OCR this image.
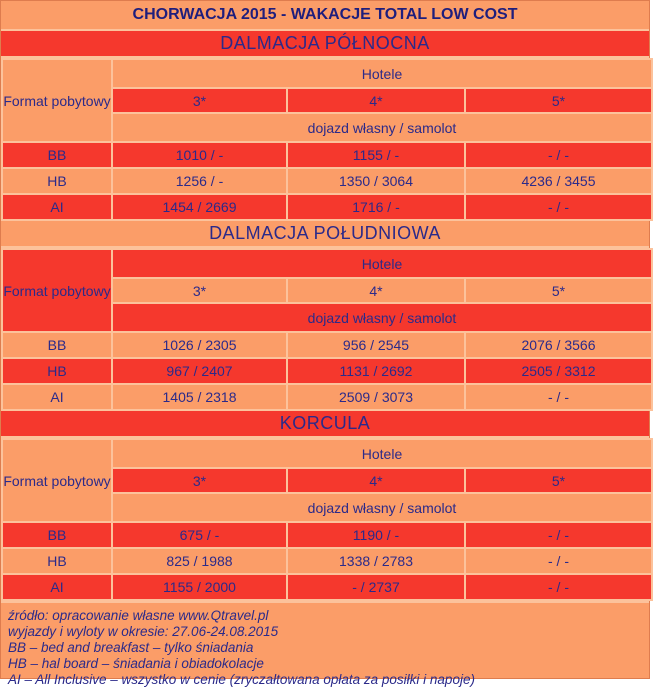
CHORWACJA 2015 - WAKACJE TOTAL LOW COST
DALMACJA PÓŁNOCNA
Format pobytowy	Hotele		
	3*	4*	5*
	dojazd własny / samolot		
BB	1010 / -	1155 / -	- / -
HB	1256 / -	1350 / 3064	4236 / 3455
AI	1454 / 2669	1716 / -	- / -
DALMACJA POŁUDNIOWA
Format pobytowy	Hotele		
	3*	4*	5*
	dojazd własny / samolot		
BB	1026 / 2305	956 / 2545	2076 / 3566
HB	967 / 2407	1131 / 2692	2505 / 3312
AI	1405 / 2318	2509 / 3073	- / -
KORCULA
Format pobytowy	Hotele		
	3*	4*	5*
	dojazd własny / samolot		
BB	675 / -	1190 / -	- / -
HB	825 / 1988	1338 / 2783	- / -
AI	1155 / 2000	- / 2737	- / -
źródło: opracowanie własne www.Qtravel.pl
wyjazdy i wyloty w okresie: 27.06-24.08.2015
BB – bed and breakfast – tylko śniadania
HB – hal board – śniadania i obiadokolacje
AI – All Inclusive – wszystko w cenie (zryczałtowana opłata za posiłki i napoje)
